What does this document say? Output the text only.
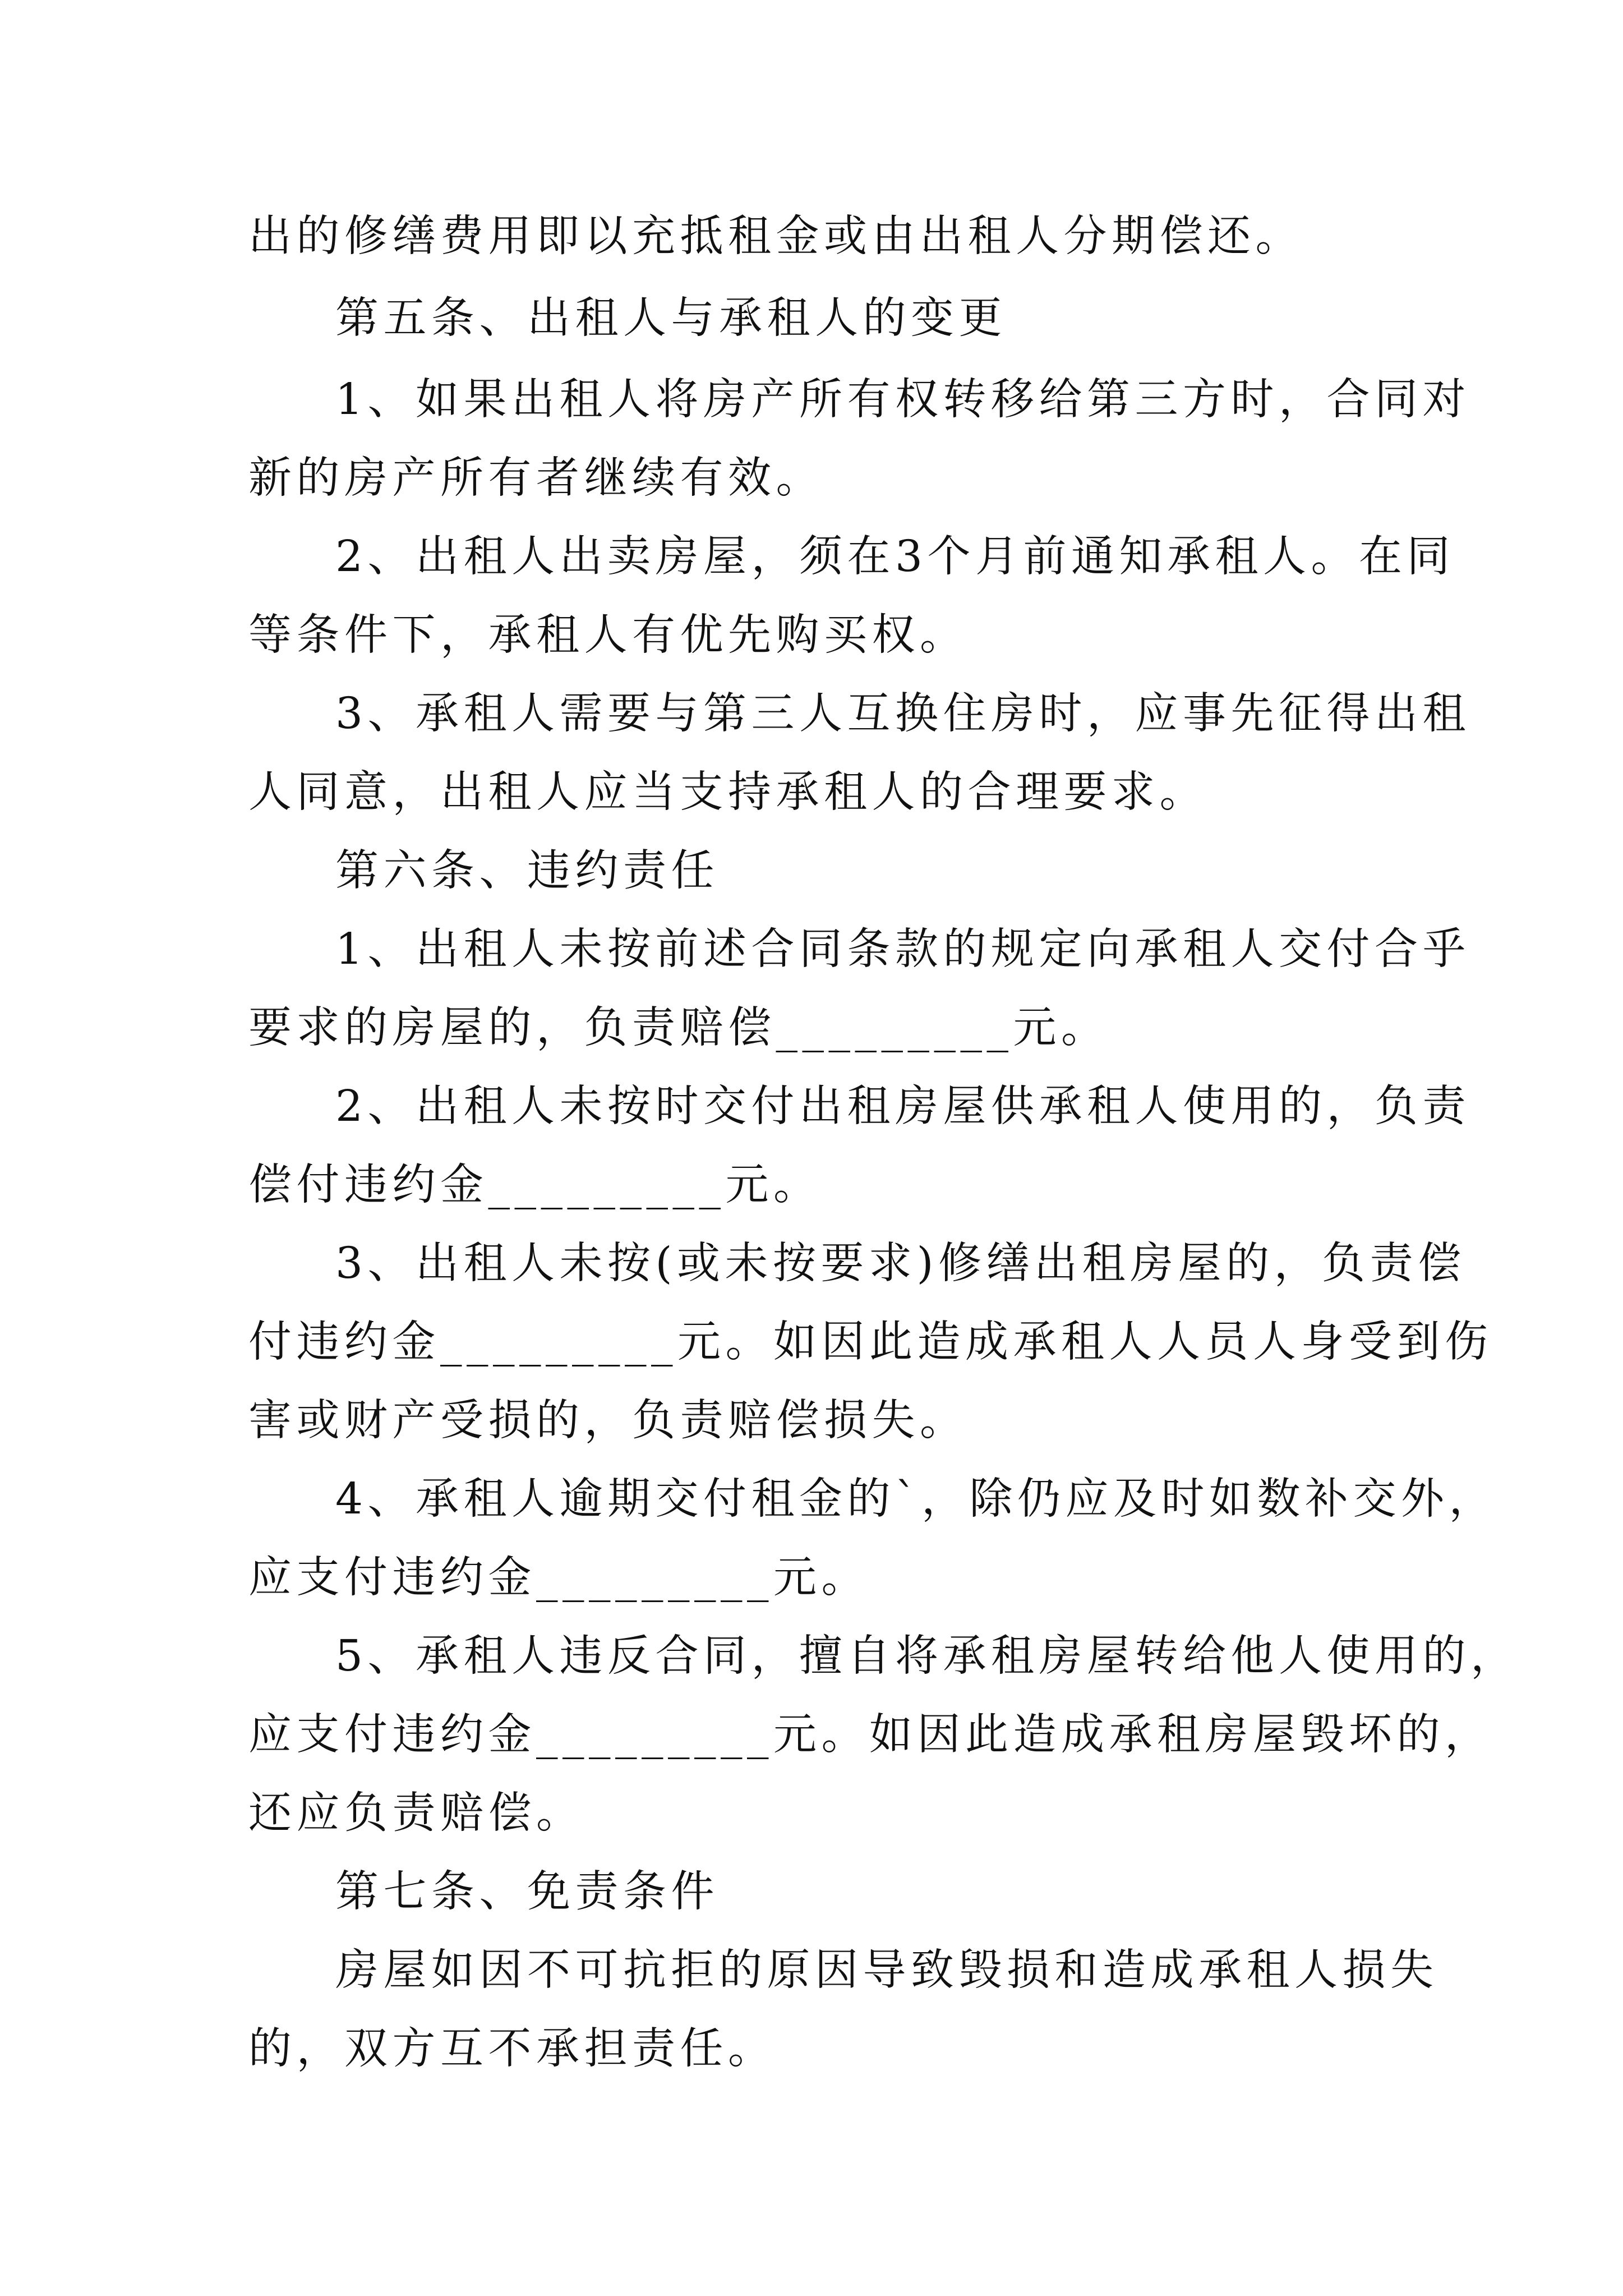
出的修缮费用即以充抵租金或由出租人分期偿还。

第五条、出租人与承租人的变更

1、如果出租人将房产所有权转移给第三方时，合同对

新的房产所有者继续有效。

2、出租人出卖房屋，须在3个月前通知承租人。在同

等条件下，承租人有优先购买权。

3、承租人需要与第三人互换住房时，应事先征得出租

人同意，出租人应当支持承租人的合理要求。

第六条、违约责任

1、出租人未按前述合同条款的规定向承租人交付合乎

要求的房屋的，负责赔偿_________元。

2、出租人未按时交付出租房屋供承租人使用的，负责

偿付违约金_________元。

3、出租人未按(或未按要求)修缮出租房屋的，负责偿

付违约金_________元。如因此造成承租人人员人身受到伤

害或财产受损的，负责赔偿损失。

4、承租人逾期交付租金的`，除仍应及时如数补交外，

应支付违约金_________元。

5、承租人违反合同，擅自将承租房屋转给他人使用的，

应支付违约金_________元。如因此造成承租房屋毁坏的，

还应负责赔偿。

第七条、免责条件

房屋如因不可抗拒的原因导致毁损和造成承租人损失

的，双方互不承担责任。
